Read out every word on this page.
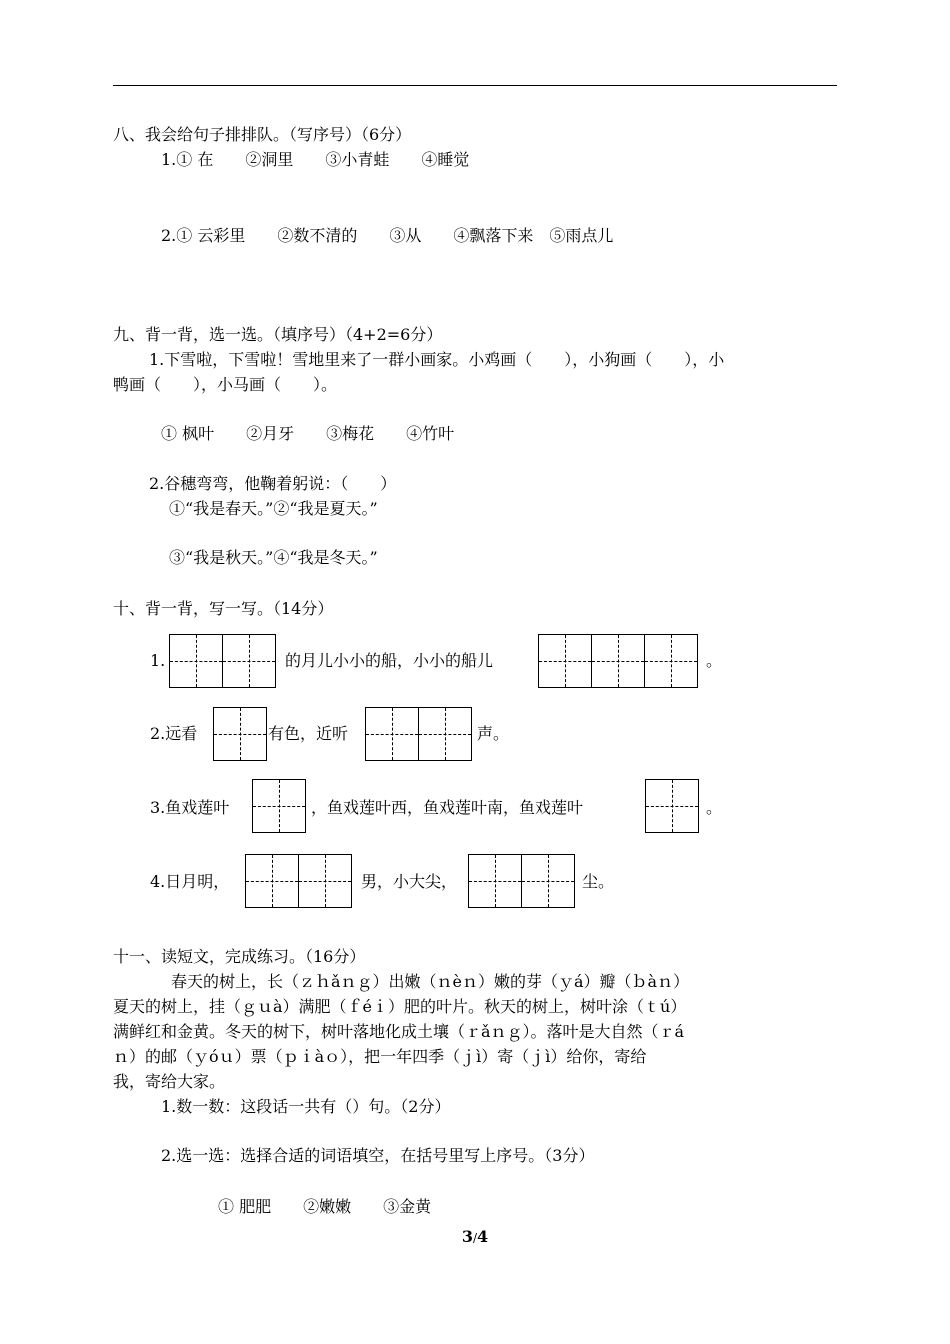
八、我会给句子排排队。（写序号）（6分）
1.① 在　　②洞里　　③小青蛙　　④睡觉
2.① 云彩里　　②数不清的　　③从　　④飘落下来　⑤雨点儿
九、背一背，选一选。（填序号）（4+2=6分）
1.下雪啦，下雪啦！雪地里来了一群小画家。小鸡画（　　），小狗画（　　），小
鸭画（　　），小马画（　　）。
① 枫叶　　②月牙　　③梅花　　④竹叶
2.谷穗弯弯，他鞠着躬说：（　　）
①“我是春天。”②“我是夏天。”
③“我是秋天。”④“我是冬天。”
十、背一背，写一写。（14分）
1.	的月儿小小的船，小小的船儿	。
2.远看	有色，近听	声。
3.鱼戏莲叶	，鱼戏莲叶西，鱼戏莲叶南，鱼戏莲叶	。
4.日月明，	男，小大尖，	尘。
十一、读短文，完成练习。（16分）
春天的树上，长（ｚｈǎｎｇ）出嫩（ｎèｎ）嫩的芽（ｙá）瓣（ｂàｎ）
夏天的树上，挂（ｇｕà）满肥（ｆéｉ）肥的叶片。秋天的树上，树叶涂（ｔú）
满鲜红和金黄。冬天的树下，树叶落地化成土壤（ｒǎｎｇ）。落叶是大自然（ｒá
ｎ）的邮（ｙóｕ）票（ｐｉàｏ），把一年四季（ｊì）寄（ｊì）给你，寄给
我，寄给大家。
1.数一数：这段话一共有（）句。（2分）
2.选一选：选择合适的词语填空，在括号里写上序号。（3分）
① 肥肥　　②嫩嫩　　③金黄
3/4
